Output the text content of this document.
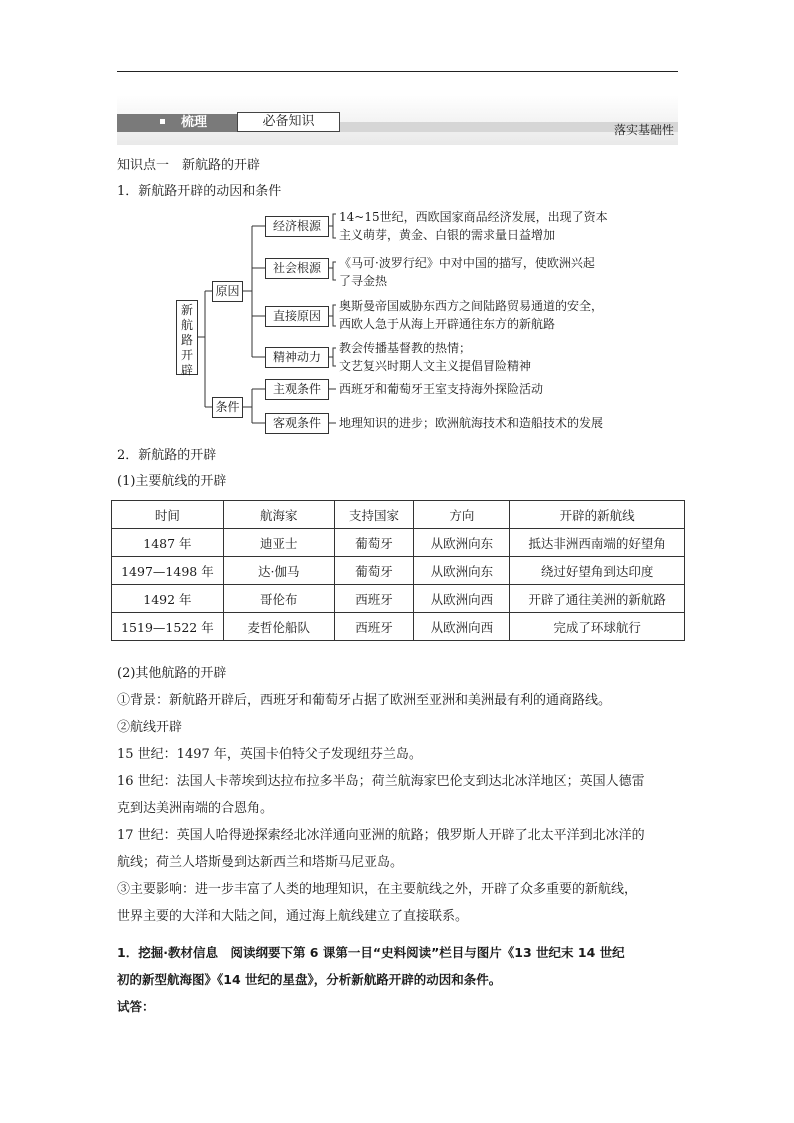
梳理	必备知识
落实基础性
知识点一　新航路的开辟
1．新航路开辟的动因和条件
新
航
路
开
辟
原因
条件
经济根源
社会根源
直接原因
精神动力
主观条件
客观条件
14~15世纪，西欧国家商品经济发展，出现了资本
主义萌芽，黄金、白银的需求量日益增加
《马可·波罗行纪》中对中国的描写，使欧洲兴起
了寻金热
奥斯曼帝国威胁东西方之间陆路贸易通道的安全，
西欧人急于从海上开辟通往东方的新航路
教会传播基督教的热情；
文艺复兴时期人文主义提倡冒险精神
西班牙和葡萄牙王室支持海外探险活动
地理知识的进步；欧洲航海技术和造船技术的发展
2．新航路的开辟
(1)主要航线的开辟
时间	航海家	支持国家	方向	开辟的新航线
1487 年	迪亚士	葡萄牙	从欧洲向东	抵达非洲西南端的好望角
1497—1498 年	达·伽马	葡萄牙	从欧洲向东	绕过好望角到达印度
1492 年	哥伦布	西班牙	从欧洲向西	开辟了通往美洲的新航路
1519—1522 年	麦哲伦船队	西班牙	从欧洲向西	完成了环球航行
(2)其他航路的开辟
①背景：新航路开辟后，西班牙和葡萄牙占据了欧洲至亚洲和美洲最有利的通商路线。
②航线开辟
15 世纪：1497 年，英国卡伯特父子发现纽芬兰岛。
16 世纪：法国人卡蒂埃到达拉布拉多半岛；荷兰航海家巴伦支到达北冰洋地区；英国人德雷
克到达美洲南端的合恩角。
17 世纪：英国人哈得逊探索经北冰洋通向亚洲的航路；俄罗斯人开辟了北太平洋到北冰洋的
航线；荷兰人塔斯曼到达新西兰和塔斯马尼亚岛。
③主要影响：进一步丰富了人类的地理知识，在主要航线之外，开辟了众多重要的新航线，
世界主要的大洋和大陆之间，通过海上航线建立了直接联系。
1．挖掘·教材信息　阅读纲要下第 6 课第一目“史料阅读”栏目与图片《13 世纪末 14 世纪
初的新型航海图》《14 世纪的星盘》，分析新航路开辟的动因和条件。
试答：
